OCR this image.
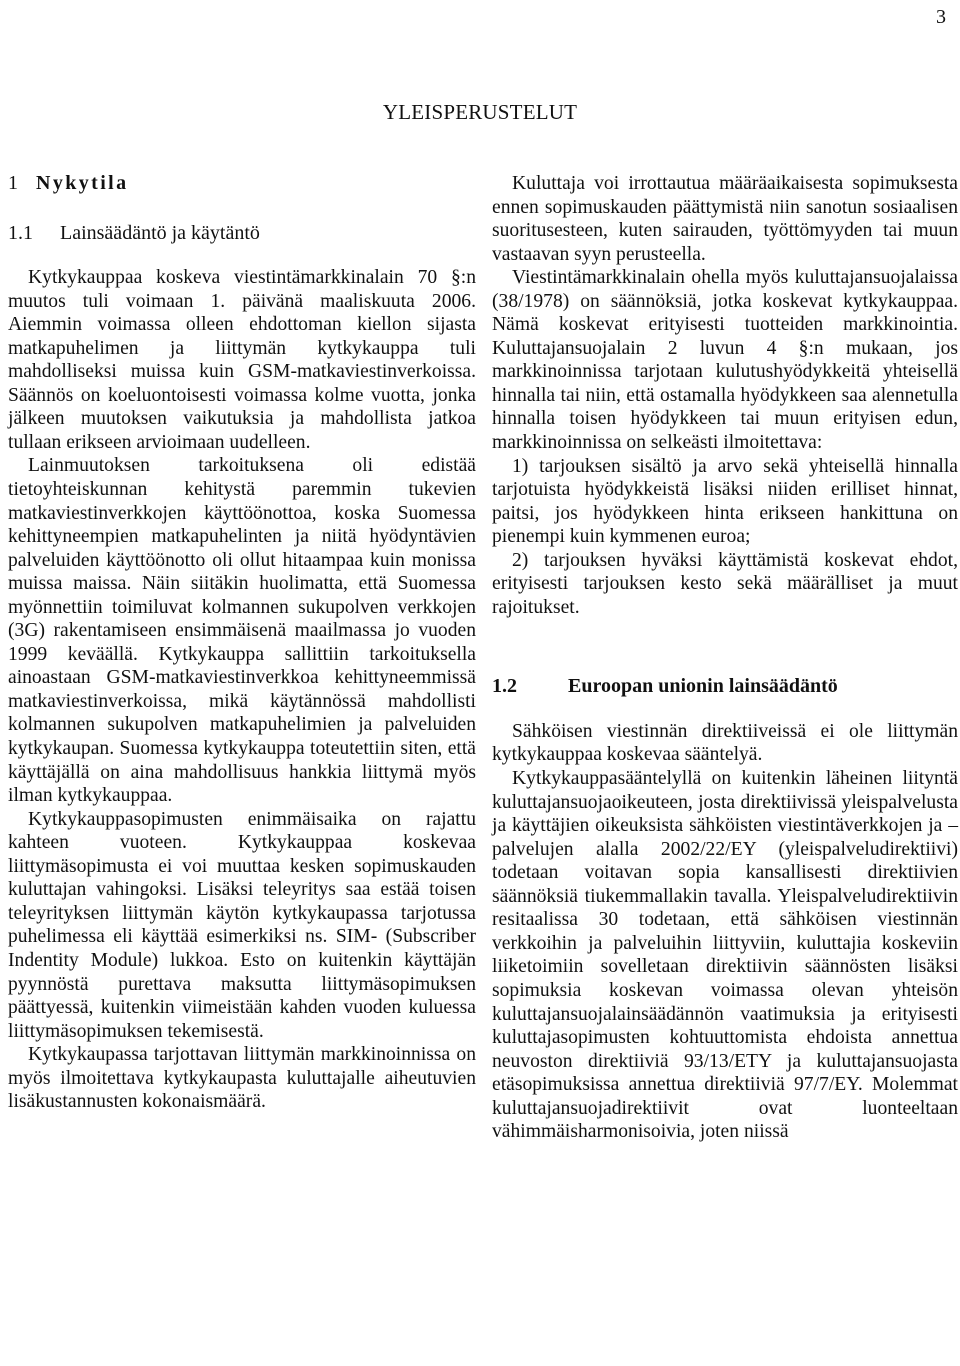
3
YLEISPERUSTELUT
1 Nykytila
1.1 Lainsäädäntö ja käytäntö

Kytkykauppaa koskeva viestintämarkkinalain 70 §:n muutos tuli voimaan 1. päivänä maaliskuuta 2006. Aiemmin voimassa olleen ehdottoman kiellon sijasta matkapuhelimen ja liittymän kytkykauppa tuli mahdolliseksi muissa kuin GSM-matkaviestinverkoissa. Säännös on koeluontoisesti voimassa kolme vuotta, jonka jälkeen muutoksen vaikutuksia ja mahdollista jatkoa tullaan erikseen arvioimaan uudelleen.

Lainmuutoksen tarkoituksena oli edistää tietoyhteiskunnan kehitystä paremmin tukevien matkaviestinverkkojen käyttöönottoa, koska Suomessa kehittyneempien matkapuhelinten ja niitä hyödyntävien palveluiden käyttöönotto oli ollut hitaampaa kuin monissa muissa maissa. Näin siitäkin huolimatta, että Suomessa myönnettiin toimiluvat kolmannen sukupolven verkkojen (3G) rakentamiseen ensimmäisenä maailmassa jo vuoden 1999 keväällä. Kytkykauppa sallittiin tarkoituksella ainoastaan GSM-matkaviestinverkkoa kehittyneemmissä matkaviestinverkoissa, mikä käytännössä mahdollisti kolmannen sukupolven matkapuhelimien ja palveluiden kytkykaupan. Suomessa kytkykauppa toteutettiin siten, että käyttäjällä on aina mahdollisuus hankkia liittymä myös ilman kytkykauppaa.

Kytkykauppasopimusten enimmäisaika on rajattu kahteen vuoteen. Kytkykauppaa koskevaa liittymäsopimusta ei voi muuttaa kesken sopimuskauden kuluttajan vahingoksi. Lisäksi teleyritys saa estää toisen teleyrityksen liittymän käytön kytkykaupassa tarjotussa puhelimessa eli käyttää esimerkiksi ns. SIM- (Subscriber Indentity Module) lukkoa. Esto on kuitenkin käyttäjän pyynnöstä purettava maksutta liittymäsopimuksen päättyessä, kuitenkin viimeistään kahden vuoden kuluessa liittymäsopimuksen tekemisestä.

Kytkykaupassa tarjottavan liittymän markkinoinnissa on myös ilmoitettava kytkykaupasta kuluttajalle aiheutuvien lisäkustannusten kokonaismäärä.

Kuluttaja voi irrottautua määräaikaisesta sopimuksesta ennen sopimuskauden päättymistä niin sanotun sosiaalisen suoritusesteen, kuten sairauden, työttömyyden tai muun vastaavan syyn perusteella.

Viestintämarkkinalain ohella myös kuluttajansuojalaissa (38/1978) on säännöksiä, jotka koskevat kytkykauppaa. Nämä koskevat erityisesti tuotteiden markkinointia. Kuluttajansuojalain 2 luvun 4 §:n mukaan, jos markkinoinnissa tarjotaan kulutushyödykkeitä yhteisellä hinnalla tai niin, että ostamalla hyödykkeen saa alennetulla hinnalla toisen hyödykkeen tai muun erityisen edun, markkinoinnissa on selkeästi ilmoitettava:

1) tarjouksen sisältö ja arvo sekä yhteisellä hinnalla tarjotuista hyödykkeistä lisäksi niiden erilliset hinnat, paitsi, jos hyödykkeen hinta erikseen hankittuna on pienempi kuin kymmenen euroa;

2) tarjouksen hyväksi käyttämistä koskevat ehdot, erityisesti tarjouksen kesto sekä määrälliset ja muut rajoitukset.

1.2	Euroopan unionin lainsäädäntö

Sähköisen viestinnän direktiiveissä ei ole liittymän kytkykauppaa koskevaa sääntelyä.

Kytkykauppasääntelyllä on kuitenkin läheinen liityntä kuluttajansuojaoikeuteen, josta direktiivissä yleispalvelusta ja käyttäjien oikeuksista sähköisten viestintäverkkojen ja – palvelujen alalla 2002/22/EY (yleispalveludirektiivi) todetaan voitavan sopia kansallisesti direktiivien säännöksiä tiukemmallakin tavalla. Yleispalveludirektiivin resitaalissa 30 todetaan, että sähköisen viestinnän verkkoihin ja palveluihin liittyviin, kuluttajia koskeviin liiketoimiin sovelletaan direktiivin säännösten lisäksi sopimuksia koskevan voimassa olevan yhteisön kuluttajansuojalainsäädännön vaatimuksia ja erityisesti kuluttajasopimusten kohtuuttomista ehdoista annettua neuvoston direktiiviä 93/13/ETY ja kuluttajansuojasta etäsopimuksissa annettua direktiiviä 97/7/EY. Molemmat kuluttajansuojadirektiivit ovat luonteeltaan vähimmäisharmonisoivia, joten niissä
